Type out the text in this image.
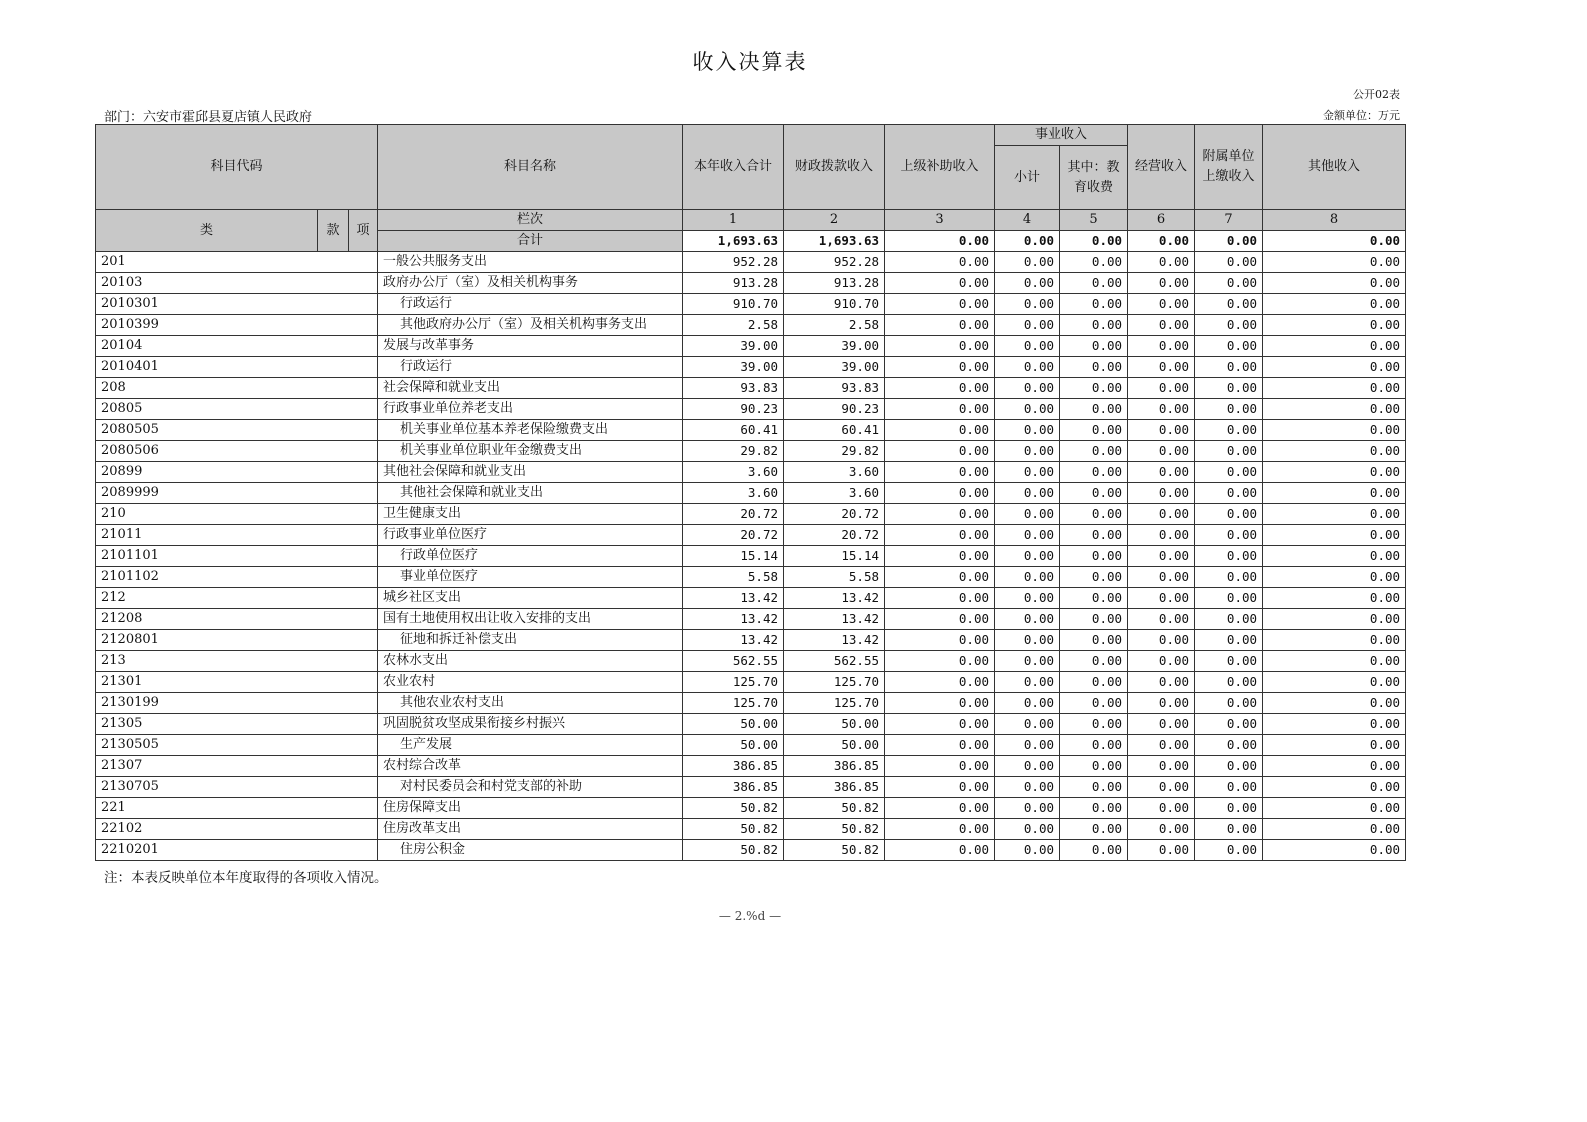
收入决算表
公开02表
部门：六安市霍邱县夏店镇人民政府	金额单位：万元
科目代码			科目名称	本年收入合计	财政拨款收入	上级补助收入	事业收入		经营收入	附属单位上缴收入	其他收入
							小计	其中：教育收费			
类	款	项	栏次	1	2	3	4	5	6	7	8
			合计	1,693.63	1,693.63	0.00	0.00	0.00	0.00	0.00	0.00
201			一般公共服务支出	952.28	952.28	0.00	0.00	0.00	0.00	0.00	0.00
20103			政府办公厅（室）及相关机构事务	913.28	913.28	0.00	0.00	0.00	0.00	0.00	0.00
2010301			行政运行	910.70	910.70	0.00	0.00	0.00	0.00	0.00	0.00
2010399			其他政府办公厅（室）及相关机构事务支出	2.58	2.58	0.00	0.00	0.00	0.00	0.00	0.00
20104			发展与改革事务	39.00	39.00	0.00	0.00	0.00	0.00	0.00	0.00
2010401			行政运行	39.00	39.00	0.00	0.00	0.00	0.00	0.00	0.00
208			社会保障和就业支出	93.83	93.83	0.00	0.00	0.00	0.00	0.00	0.00
20805			行政事业单位养老支出	90.23	90.23	0.00	0.00	0.00	0.00	0.00	0.00
2080505			机关事业单位基本养老保险缴费支出	60.41	60.41	0.00	0.00	0.00	0.00	0.00	0.00
2080506			机关事业单位职业年金缴费支出	29.82	29.82	0.00	0.00	0.00	0.00	0.00	0.00
20899			其他社会保障和就业支出	3.60	3.60	0.00	0.00	0.00	0.00	0.00	0.00
2089999			其他社会保障和就业支出	3.60	3.60	0.00	0.00	0.00	0.00	0.00	0.00
210			卫生健康支出	20.72	20.72	0.00	0.00	0.00	0.00	0.00	0.00
21011			行政事业单位医疗	20.72	20.72	0.00	0.00	0.00	0.00	0.00	0.00
2101101			行政单位医疗	15.14	15.14	0.00	0.00	0.00	0.00	0.00	0.00
2101102			事业单位医疗	5.58	5.58	0.00	0.00	0.00	0.00	0.00	0.00
212			城乡社区支出	13.42	13.42	0.00	0.00	0.00	0.00	0.00	0.00
21208			国有土地使用权出让收入安排的支出	13.42	13.42	0.00	0.00	0.00	0.00	0.00	0.00
2120801			征地和拆迁补偿支出	13.42	13.42	0.00	0.00	0.00	0.00	0.00	0.00
213			农林水支出	562.55	562.55	0.00	0.00	0.00	0.00	0.00	0.00
21301			农业农村	125.70	125.70	0.00	0.00	0.00	0.00	0.00	0.00
2130199			其他农业农村支出	125.70	125.70	0.00	0.00	0.00	0.00	0.00	0.00
21305			巩固脱贫攻坚成果衔接乡村振兴	50.00	50.00	0.00	0.00	0.00	0.00	0.00	0.00
2130505			生产发展	50.00	50.00	0.00	0.00	0.00	0.00	0.00	0.00
21307			农村综合改革	386.85	386.85	0.00	0.00	0.00	0.00	0.00	0.00
2130705			对村民委员会和村党支部的补助	386.85	386.85	0.00	0.00	0.00	0.00	0.00	0.00
221			住房保障支出	50.82	50.82	0.00	0.00	0.00	0.00	0.00	0.00
22102			住房改革支出	50.82	50.82	0.00	0.00	0.00	0.00	0.00	0.00
2210201			住房公积金	50.82	50.82	0.00	0.00	0.00	0.00	0.00	0.00
注：本表反映单位本年度取得的各项收入情况。
— 2.%d —
